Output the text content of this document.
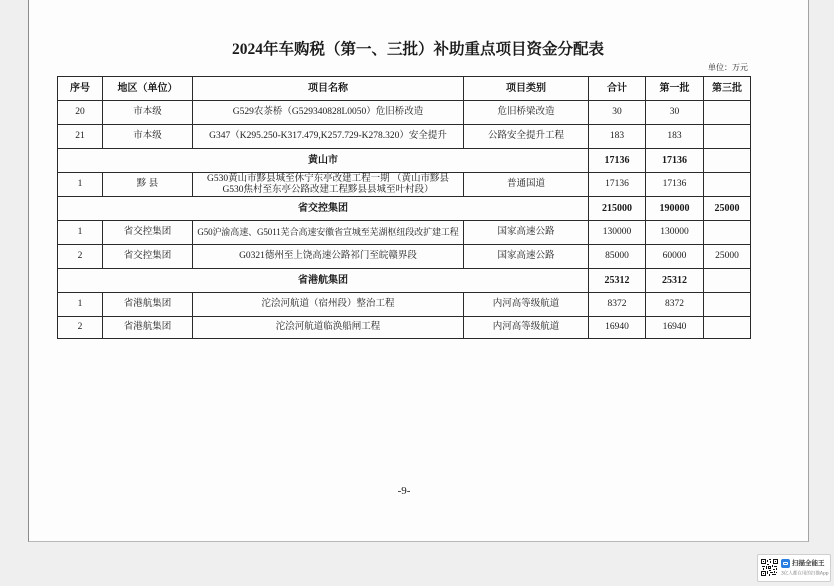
2024年车购税（第一、三批）补助重点项目资金分配表
单位：万元
序号	地区（单位）	项目名称	项目类别	合计	第一批	第三批
20	市本级	G529农茶桥（G529340828L0050）危旧桥改造	危旧桥梁改造	30	30	
21	市本级	G347（K295.250-K317.479,K257.729-K278.320）安全提升	公路安全提升工程	183	183	
黄山市				17136	17136	
1	黟 县	G530黄山市黟县城至休宁东亭改建工程一期 （黄山市黟县
G530焦村至东亭公路改建工程黟县县城至叶村段）	普通国道	17136	17136	
省交控集团				215000	190000	25000
1	省交控集团	G50沪渝高速、G5011芜合高速安徽省宣城至芜湖枢纽段改扩建工程	国家高速公路	130000	130000	
2	省交控集团	G0321德州至上饶高速公路祁门至皖赣界段	国家高速公路	85000	60000	25000
省港航集团				25312	25312	
1	省港航集团	沱浍河航道（宿州段）整治工程	内河高等级航道	8372	8372	
2	省港航集团	沱浍河航道临涣船闸工程	内河高等级航道	16940	16940	
-9-
扫描全能王
3亿人都在用的扫描App
